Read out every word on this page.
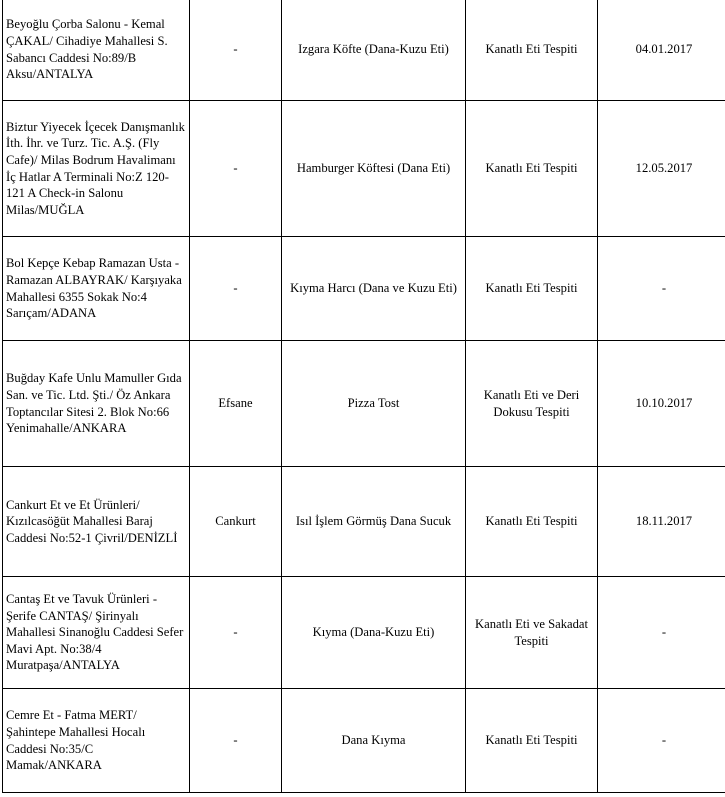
Beyoğlu Çorba Salonu - Kemal ÇAKAL/ Cihadiye Mahallesi S. Sabancı Caddesi No:89/B Aksu/ANTALYA	-	Izgara Köfte (Dana-Kuzu Eti)	Kanatlı Eti Tespiti	04.01.2017

Biztur Yiyecek İçecek Danışmanlık İth. İhr. ve Turz. Tic. A.Ş. (Fly Cafe)/ Milas Bodrum Havalimanı İç Hatlar A Terminali No:Z 120-121 A Check-in Salonu Milas/MUĞLA	-	Hamburger Köftesi (Dana Eti)	Kanatlı Eti Tespiti	12.05.2017

Bol Kepçe Kebap Ramazan Usta - Ramazan ALBAYRAK/ Karşıyaka Mahallesi 6355 Sokak No:4 Sarıçam/ADANA	-	Kıyma Harcı (Dana ve Kuzu Eti)	Kanatlı Eti Tespiti	-

Buğday Kafe Unlu Mamuller Gıda San. ve Tic. Ltd. Şti./ Öz Ankara Toptancılar Sitesi 2. Blok No:66 Yenimahalle/ANKARA	Efsane	Pizza Tost	Kanatlı Eti ve Deri Dokusu Tespiti	10.10.2017

Cankurt Et ve Et Ürünleri/ Kızılcasöğüt Mahallesi Baraj Caddesi No:52-1 Çivril/DENİZLİ	Cankurt	Isıl İşlem Görmüş Dana Sucuk	Kanatlı Eti Tespiti	18.11.2017

Cantaş Et ve Tavuk Ürünleri - Şerife CANTAŞ/ Şirinyalı Mahallesi Sinanoğlu Caddesi Sefer Mavi Apt. No:38/4 Muratpaşa/ANTALYA	-	Kıyma (Dana-Kuzu Eti)	Kanatlı Eti ve Sakadat Tespiti	-

Cemre Et - Fatma MERT/ Şahintepe Mahallesi Hocalı Caddesi No:35/C Mamak/ANKARA	-	Dana Kıyma	Kanatlı Eti Tespiti	-
